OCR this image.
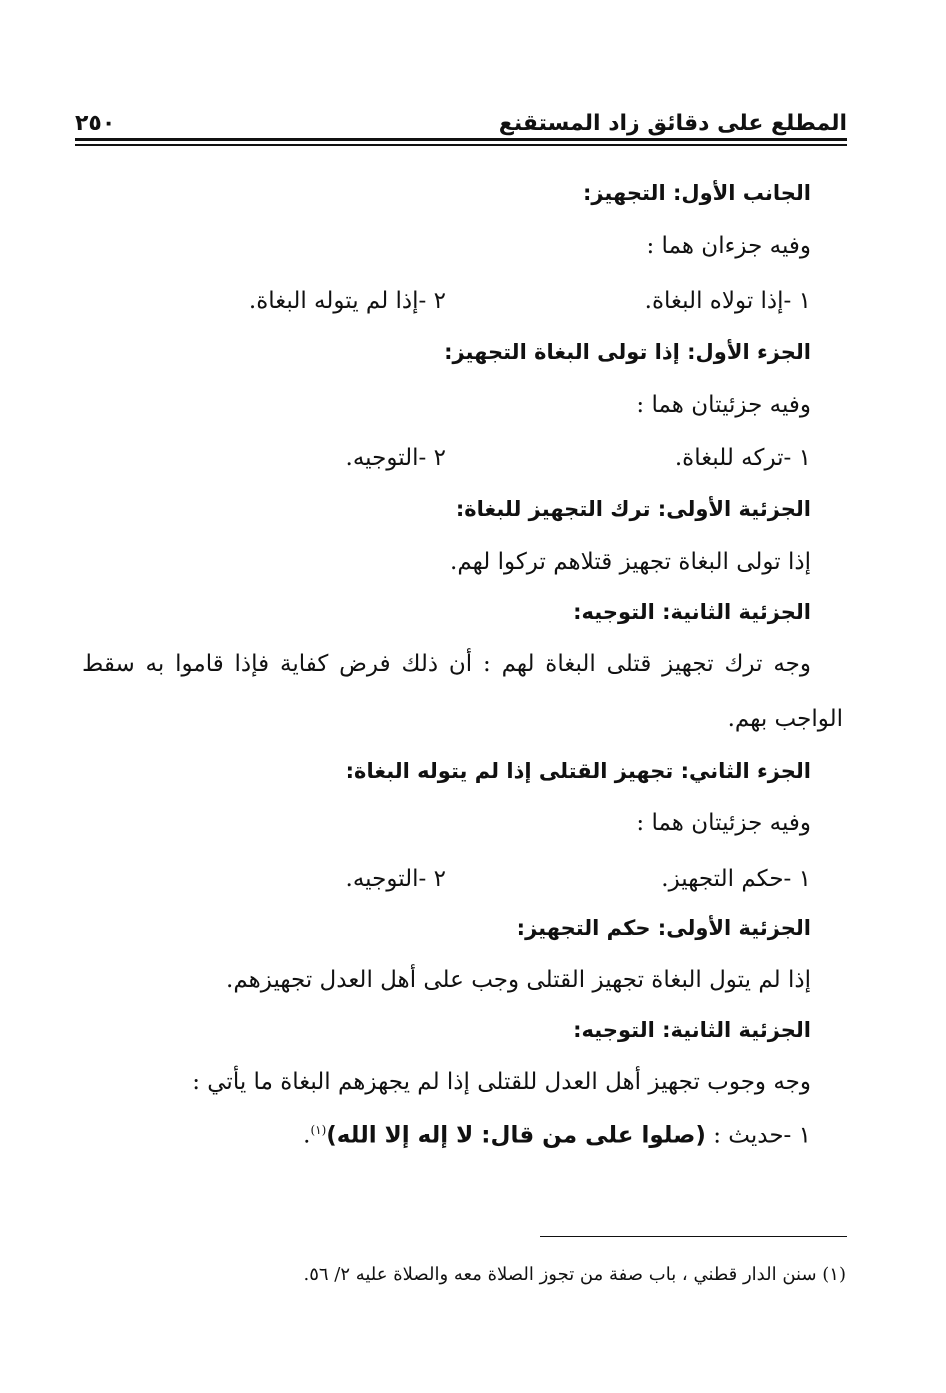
٢٥٠	المطلع على دقائق زاد المستقنع
الجانب الأول: التجهيز:
وفيه جزءان هما :
١ -إذا تولاه البغاة.
٢ -إذا لم يتوله البغاة.
الجزء الأول: إذا تولى البغاة التجهيز:
وفيه جزئيتان هما :
١ -تركه للبغاة.
٢ -التوجيه.
الجزئية الأولى: ترك التجهيز للبغاة:
إذا تولى البغاة تجهيز قتلاهم تركوا لهم.
الجزئية الثانية: التوجيه:
وجه ترك تجهيز قتلى البغاة لهم : أن ذلك فرض كفاية فإذا قاموا به سقط
الواجب بهم.
الجزء الثاني: تجهيز القتلى إذا لم يتوله البغاة:
وفيه جزئيتان هما :
١ -حكم التجهيز.
٢ -التوجيه.
الجزئية الأولى: حكم التجهيز:
إذا لم يتول البغاة تجهيز القتلى وجب على أهل العدل تجهيزهم.
الجزئية الثانية: التوجيه:
وجه وجوب تجهيز أهل العدل للقتلى إذا لم يجهزهم البغاة ما يأتي :
١ -حديث : (صلوا على من قال: لا إله إلا الله)$^{(١)}$.
(١) سنن الدار قطني ، باب صفة من تجوز الصلاة معه والصلاة عليه ٢/ ٥٦.
